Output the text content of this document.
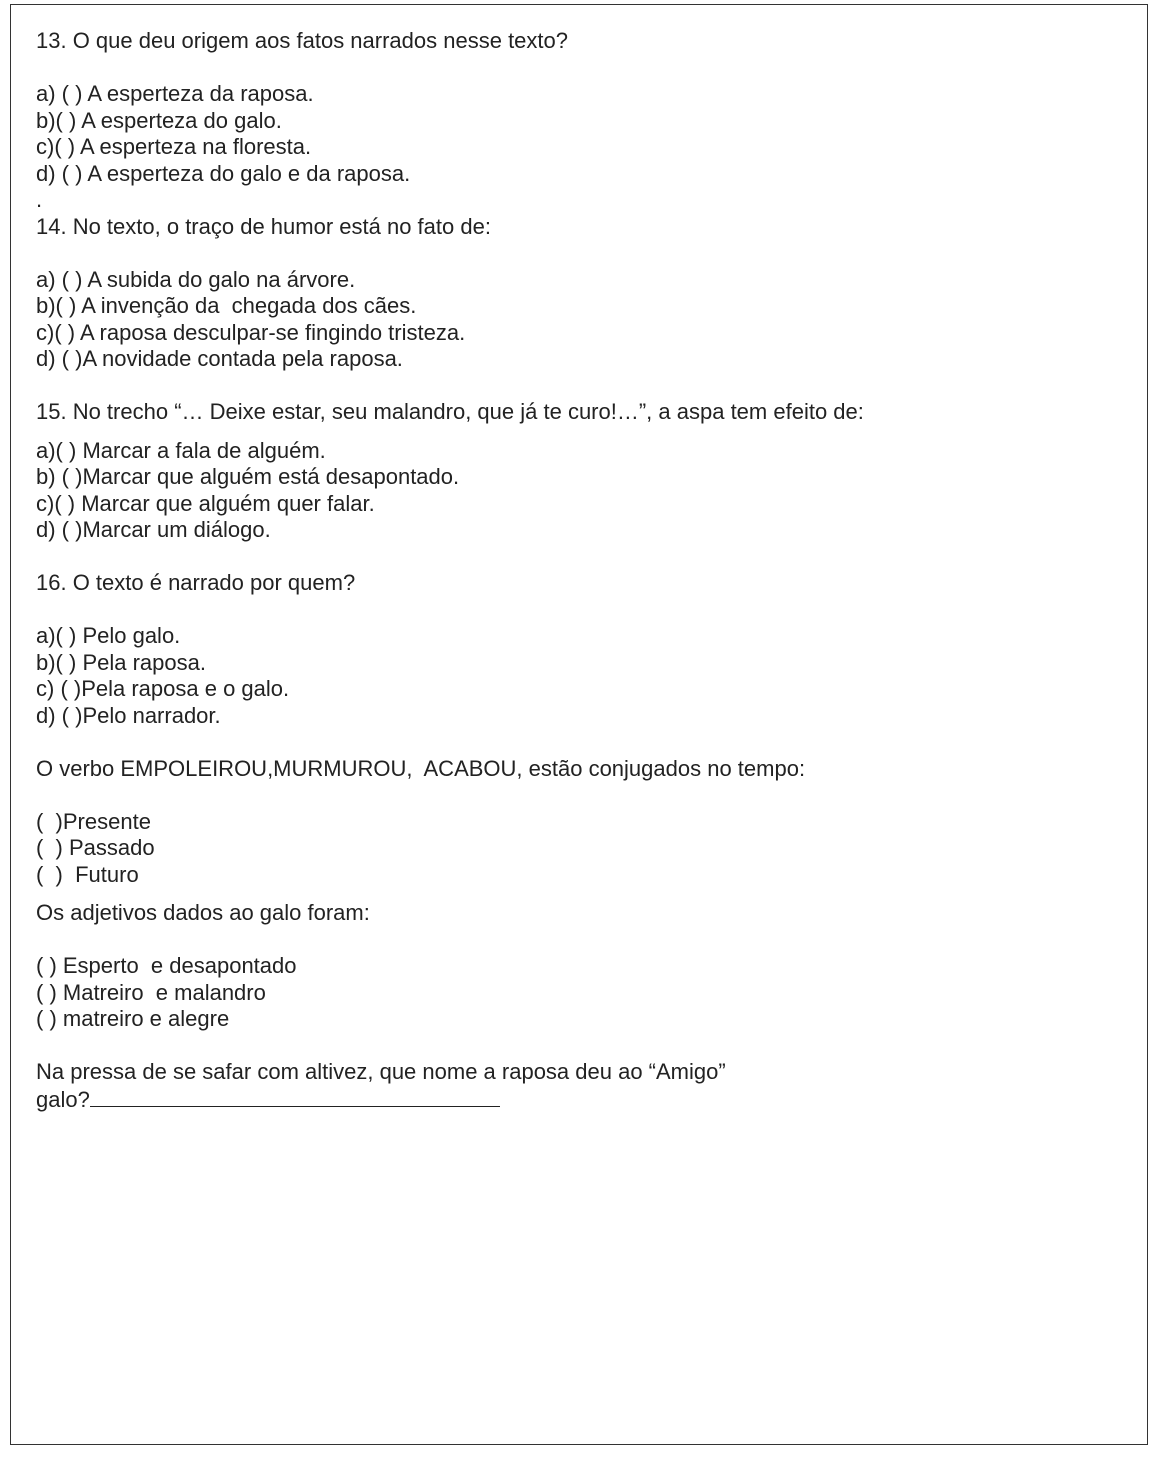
13. O que deu origem aos fatos narrados nesse texto?
a) ( ) A esperteza da raposa.
b)( ) A esperteza do galo.
c)( ) A esperteza na floresta.
d) ( ) A esperteza do galo e da raposa.
.
14. No texto, o traço de humor está no fato de:
a) ( ) A subida do galo na árvore.
b)( ) A invenção da  chegada dos cães.
c)( ) A raposa desculpar-se fingindo tristeza.
d) ( )A novidade contada pela raposa.
15. No trecho “… Deixe estar, seu malandro, que já te curo!…”, a aspa tem efeito de:
a)( ) Marcar a fala de alguém.
b) ( )Marcar que alguém está desapontado.
c)( ) Marcar que alguém quer falar.
d) ( )Marcar um diálogo.
16. O texto é narrado por quem?
a)( ) Pelo galo.
b)( ) Pela raposa.
c) ( )Pela raposa e o galo.
d) ( )Pelo narrador.
O verbo EMPOLEIROU,MURMUROU,  ACABOU, estão conjugados no tempo:
(  )Presente
(  ) Passado
(  )  Futuro
Os adjetivos dados ao galo foram:
( ) Esperto  e desapontado
( ) Matreiro  e malandro
( ) matreiro e alegre
Na pressa de se safar com altivez, que nome a raposa deu ao “Amigo”
galo?
